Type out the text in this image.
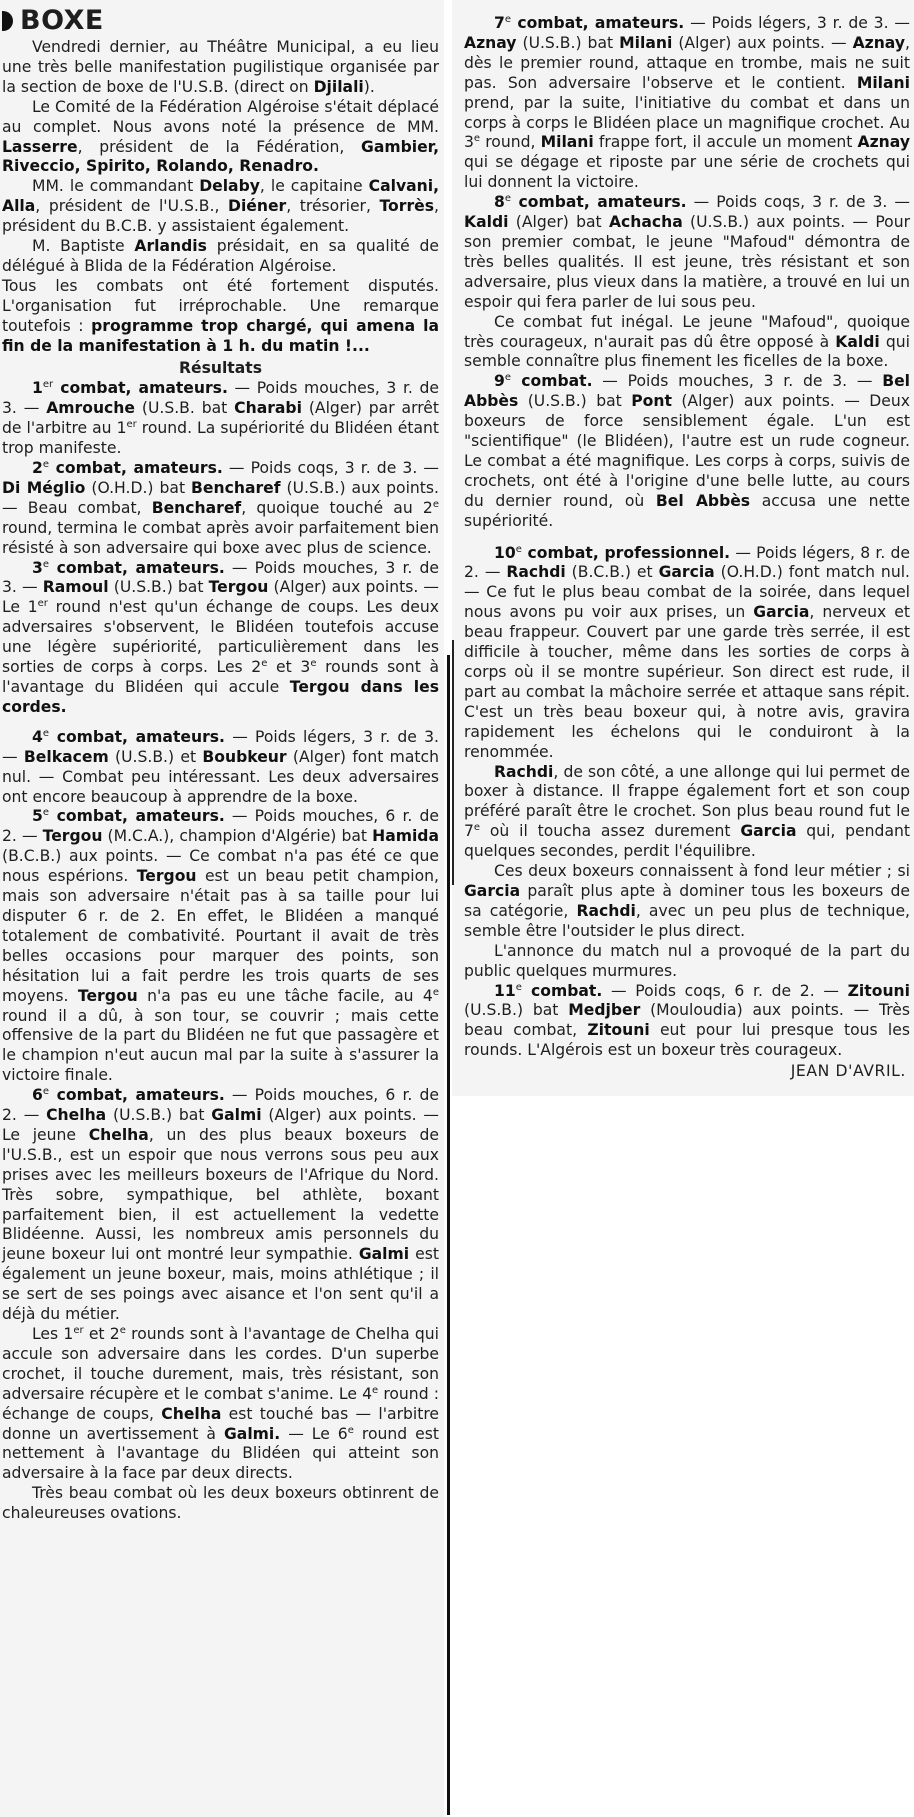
BOXE

Vendredi dernier, au Théâtre Municipal, a eu lieu une très belle manifestation pugilistique organisée par la section de boxe de l'U.S.B. (direct on Djilali).

Le Comité de la Fédération Algéroise s'était déplacé au complet. Nous avons noté la présence de MM. Lasserre, président de la Fédération, Gambier, Riveccio, Spirito, Rolando, Renadro.

MM. le commandant Delaby, le capitaine Calvani, Alla, président de l'U.S.B., Diéner, trésorier, Torrès, président du B.C.B. y assistaient également.

M. Baptiste Arlandis présidait, en sa qualité de délégué à Blida de la Fédération Algéroise.

Tous les combats ont été fortement disputés. L'organisation fut irréprochable. Une remarque toutefois : programme trop chargé, qui amena la fin de la manifestation à 1 h. du matin !...

Résultats

1er combat, amateurs. — Poids mouches, 3 r. de 3. — Amrouche (U.S.B. bat Charabi (Alger) par arrêt de l'arbitre au 1er round. La supériorité du Blidéen étant trop manifeste.

2e combat, amateurs. — Poids coqs, 3 r. de 3. — Di Méglio (O.H.D.) bat Bencharef (U.S.B.) aux points. — Beau combat, Bencharef, quoique touché au 2e round, termina le combat après avoir parfaitement bien résisté à son adversaire qui boxe avec plus de science.

3e combat, amateurs. — Poids mouches, 3 r. de 3. — Ramoul (U.S.B.) bat Tergou (Alger) aux points. — Le 1er round n'est qu'un échange de coups. Les deux adversaires s'observent, le Blidéen toutefois accuse une légère supériorité, particulièrement dans les sorties de corps à corps. Les 2e et 3e rounds sont à l'avantage du Blidéen qui accule Tergou dans les cordes.

4e combat, amateurs. — Poids légers, 3 r. de 3. — Belkacem (U.S.B.) et Boubkeur (Alger) font match nul. — Combat peu intéressant. Les deux adversaires ont encore beaucoup à apprendre de la boxe.

5e combat, amateurs. — Poids mouches, 6 r. de 2. — Tergou (M.C.A.), champion d'Algérie) bat Hamida (B.C.B.) aux points. — Ce combat n'a pas été ce que nous espérions. Tergou est un beau petit champion, mais son adversaire n'était pas à sa taille pour lui disputer 6 r. de 2. En effet, le Blidéen a manqué totalement de combativité. Pourtant il avait de très belles occasions pour marquer des points, son hésitation lui a fait perdre les trois quarts de ses moyens. Tergou n'a pas eu une tâche facile, au 4e round il a dû, à son tour, se couvrir ; mais cette offensive de la part du Blidéen ne fut que passagère et le champion n'eut aucun mal par la suite à s'assurer la victoire finale.

6e combat, amateurs. — Poids mouches, 6 r. de 2. — Chelha (U.S.B.) bat Galmi (Alger) aux points. — Le jeune Chelha, un des plus beaux boxeurs de l'U.S.B., est un espoir que nous verrons sous peu aux prises avec les meilleurs boxeurs de l'Afrique du Nord. Très sobre, sympathique, bel athlète, boxant parfaitement bien, il est actuellement la vedette Blidéenne. Aussi, les nombreux amis personnels du jeune boxeur lui ont montré leur sympathie. Galmi est également un jeune boxeur, mais, moins athlétique ; il se sert de ses poings avec aisance et l'on sent qu'il a déjà du métier.

Les 1er et 2e rounds sont à l'avantage de Chelha qui accule son adversaire dans les cordes. D'un superbe crochet, il touche durement, mais, très résistant, son adversaire récupère et le combat s'anime. Le 4e round : échange de coups, Chelha est touché bas — l'arbitre donne un avertissement à Galmi. — Le 6e round est nettement à l'avantage du Blidéen qui atteint son adversaire à la face par deux directs.

Très beau combat où les deux boxeurs obtinrent de chaleureuses ovations.

7e combat, amateurs. — Poids légers, 3 r. de 3. — Aznay (U.S.B.) bat Milani (Alger) aux points. — Aznay, dès le premier round, attaque en trombe, mais ne suit pas. Son adversaire l'observe et le contient. Milani prend, par la suite, l'initiative du combat et dans un corps à corps le Blidéen place un magnifique crochet. Au 3e round, Milani frappe fort, il accule un moment Aznay qui se dégage et riposte par une série de crochets qui lui donnent la victoire.

8e combat, amateurs. — Poids coqs, 3 r. de 3. — Kaldi (Alger) bat Achacha (U.S.B.) aux points. — Pour son premier combat, le jeune "Mafoud" démontra de très belles qualités. Il est jeune, très résistant et son adversaire, plus vieux dans la matière, a trouvé en lui un espoir qui fera parler de lui sous peu.

Ce combat fut inégal. Le jeune "Mafoud", quoique très courageux, n'aurait pas dû être opposé à Kaldi qui semble connaître plus finement les ficelles de la boxe.

9e combat. — Poids mouches, 3 r. de 3. — Bel Abbès (U.S.B.) bat Pont (Alger) aux points. — Deux boxeurs de force sensiblement égale. L'un est "scientifique" (le Blidéen), l'autre est un rude cogneur. Le combat a été magnifique. Les corps à corps, suivis de crochets, ont été à l'origine d'une belle lutte, au cours du dernier round, où Bel Abbès accusa une nette supériorité.

10e combat, professionnel. — Poids légers, 8 r. de 2. — Rachdi (B.C.B.) et Garcia (O.H.D.) font match nul. — Ce fut le plus beau combat de la soirée, dans lequel nous avons pu voir aux prises, un Garcia, nerveux et beau frappeur. Couvert par une garde très serrée, il est difficile à toucher, même dans les sorties de corps à corps où il se montre supérieur. Son direct est rude, il part au combat la mâchoire serrée et attaque sans répit. C'est un très beau boxeur qui, à notre avis, gravira rapidement les échelons qui le conduiront à la renommée.

Rachdi, de son côté, a une allonge qui lui permet de boxer à distance. Il frappe également fort et son coup préféré paraît être le crochet. Son plus beau round fut le 7e où il toucha assez durement Garcia qui, pendant quelques secondes, perdit l'équilibre.

Ces deux boxeurs connaissent à fond leur métier ; si Garcia paraît plus apte à dominer tous les boxeurs de sa catégorie, Rachdi, avec un peu plus de technique, semble être l'outsider le plus direct.

L'annonce du match nul a provoqué de la part du public quelques murmures.

11e combat. — Poids coqs, 6 r. de 2. — Zitouni (U.S.B.) bat Medjber (Mouloudia) aux points. — Très beau combat, Zitouni eut pour lui presque tous les rounds. L'Algérois est un boxeur très courageux.

JEAN D'AVRIL.
